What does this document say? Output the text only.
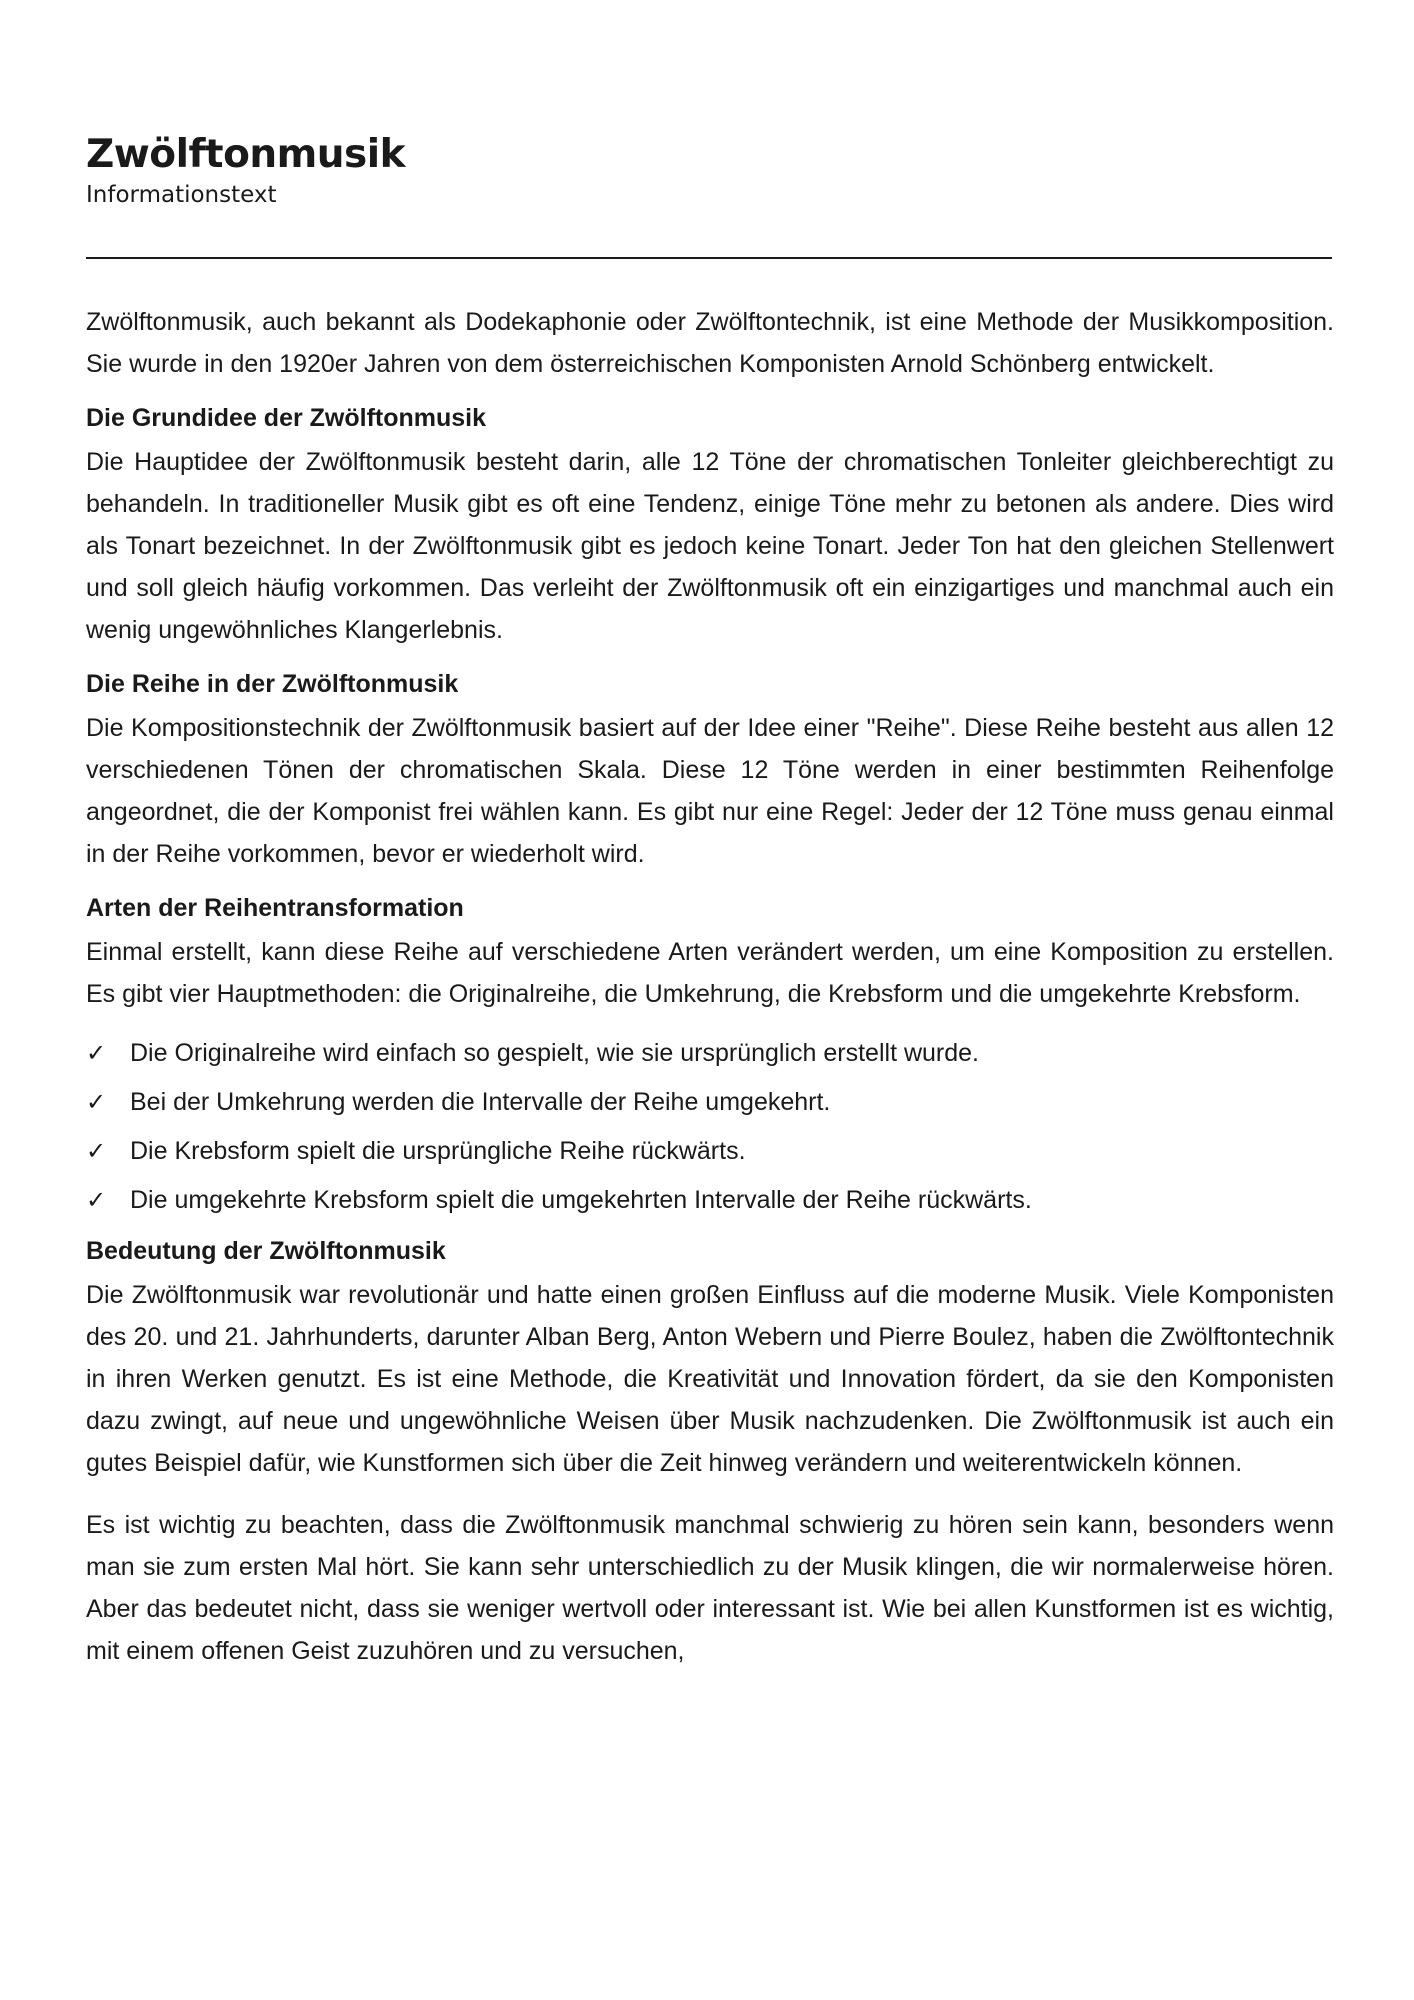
Zwölftonmusik

Informationstext

Zwölftonmusik, auch bekannt als Dodekaphonie oder Zwölftontechnik, ist eine Methode der Musikkomposition. Sie wurde in den 1920er Jahren von dem österreichischen Komponisten Arnold Schönberg entwickelt.

Die Grundidee der Zwölftonmusik

Die Hauptidee der Zwölftonmusik besteht darin, alle 12 Töne der chromatischen Tonleiter gleichberechtigt zu behandeln. In traditioneller Musik gibt es oft eine Tendenz, einige Töne mehr zu betonen als andere. Dies wird als Tonart bezeichnet. In der Zwölftonmusik gibt es jedoch keine Tonart. Jeder Ton hat den gleichen Stellenwert und soll gleich häufig vorkommen. Das verleiht der Zwölftonmusik oft ein einzigartiges und manchmal auch ein wenig ungewöhnliches Klangerlebnis.

Die Reihe in der Zwölftonmusik

Die Kompositionstechnik der Zwölftonmusik basiert auf der Idee einer "Reihe". Diese Reihe besteht aus allen 12 verschiedenen Tönen der chromatischen Skala. Diese 12 Töne werden in einer bestimmten Reihenfolge angeordnet, die der Komponist frei wählen kann. Es gibt nur eine Regel: Jeder der 12 Töne muss genau einmal in der Reihe vorkommen, bevor er wiederholt wird.

Arten der Reihentransformation

Einmal erstellt, kann diese Reihe auf verschiedene Arten verändert werden, um eine Komposition zu erstellen. Es gibt vier Hauptmethoden: die Originalreihe, die Umkehrung, die Krebsform und die umgekehrte Krebsform.

✓ Die Originalreihe wird einfach so gespielt, wie sie ursprünglich erstellt wurde.
✓ Bei der Umkehrung werden die Intervalle der Reihe umgekehrt.
✓ Die Krebsform spielt die ursprüngliche Reihe rückwärts.
✓ Die umgekehrte Krebsform spielt die umgekehrten Intervalle der Reihe rückwärts.
Bedeutung der Zwölftonmusik

Die Zwölftonmusik war revolutionär und hatte einen großen Einfluss auf die moderne Musik. Viele Komponisten des 20. und 21. Jahrhunderts, darunter Alban Berg, Anton Webern und Pierre Boulez, haben die Zwölftontechnik in ihren Werken genutzt. Es ist eine Methode, die Kreativität und Innovation fördert, da sie den Komponisten dazu zwingt, auf neue und ungewöhnliche Weisen über Musik nachzudenken. Die Zwölftonmusik ist auch ein gutes Beispiel dafür, wie Kunstformen sich über die Zeit hinweg verändern und weiterentwickeln können.

Es ist wichtig zu beachten, dass die Zwölftonmusik manchmal schwierig zu hören sein kann, besonders wenn man sie zum ersten Mal hört. Sie kann sehr unterschiedlich zu der Musik klingen, die wir normalerweise hören. Aber das bedeutet nicht, dass sie weniger wertvoll oder interessant ist. Wie bei allen Kunstformen ist es wichtig, mit einem offenen Geist zuzuhören und zu versuchen,
